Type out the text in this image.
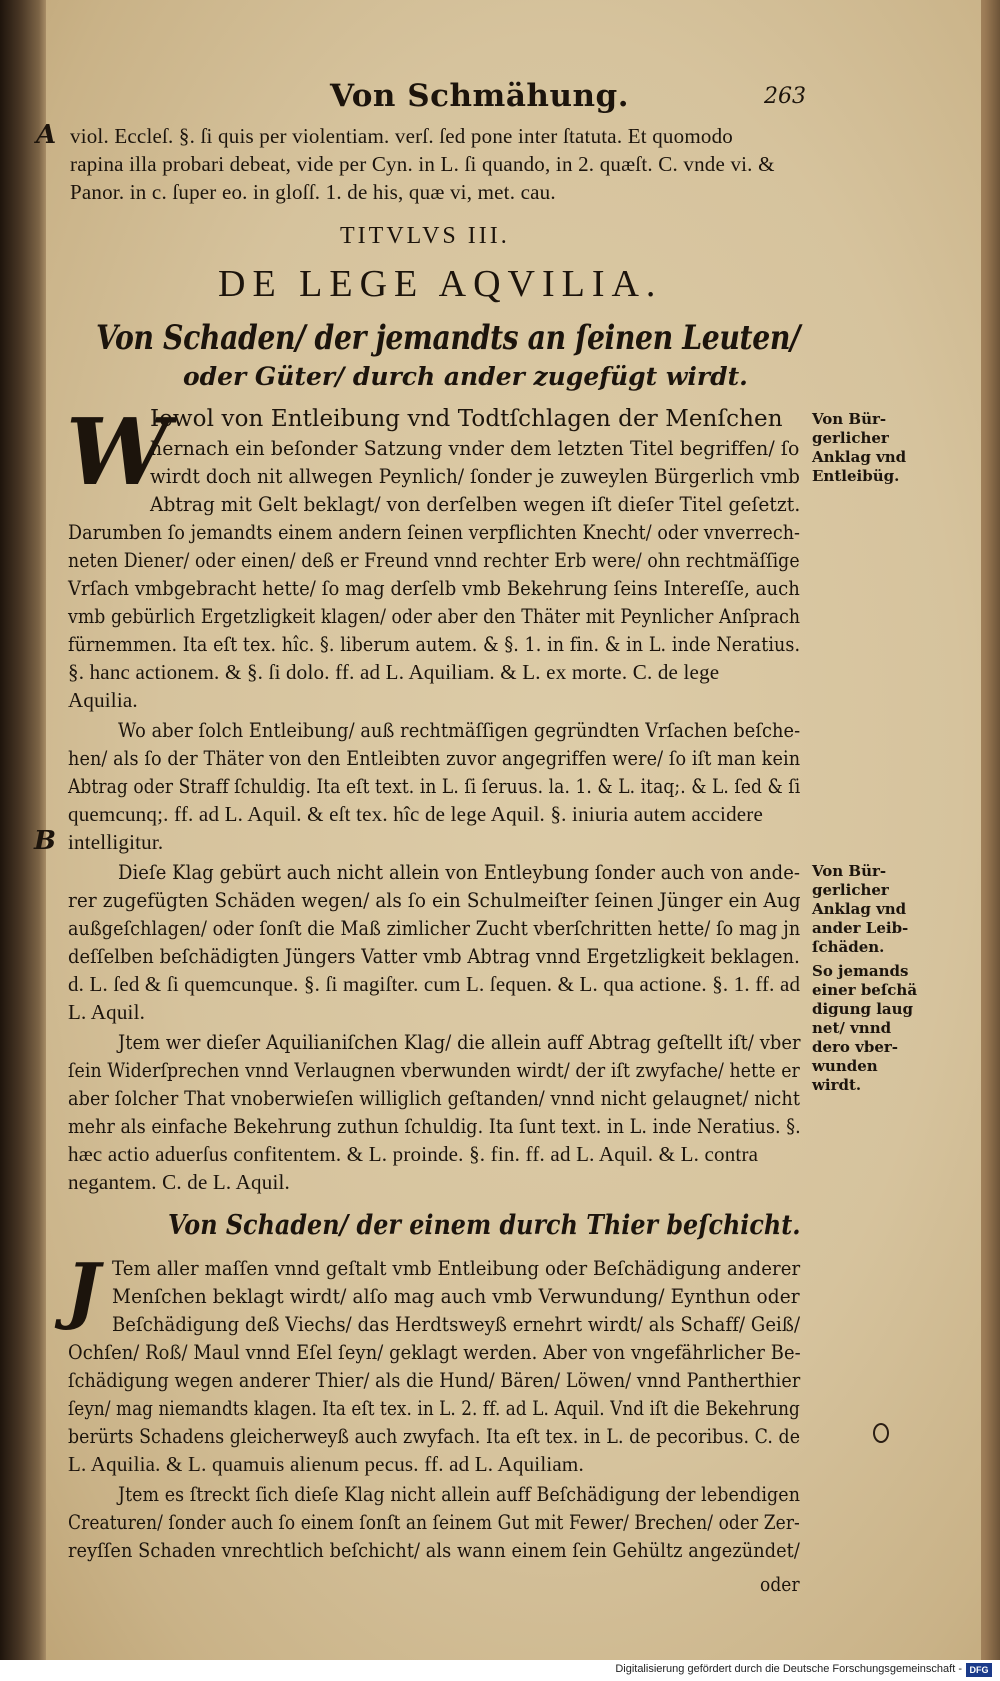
Von Schmähung.	263
A viol. Eccleſ. §. ſi quis per violentiam. verſ. ſed pone inter ſtatuta. Et quomodo
rapina illa probari debeat, vide per Cyn. in L. ſi quando, in 2. quæſt. C. vnde vi. &
Panor. in c. ſuper eo. in gloſſ. 1. de his, quæ vi, met. cau.
TITVLVS III.
DE LEGE AQVILIA.
Von Schaden/ der jemandts an ſeinen Leuten/
oder Güter/ durch ander zugefügt wirdt.
W
Iewol von Entleibung vnd Todtſchlagen der Menſchen
hernach ein beſonder Satzung vnder dem letzten Titel begriffen/ ſo
wirdt doch nit allwegen Peynlich/ ſonder je zuweylen Bürgerlich vmb
Abtrag mit Gelt beklagt/ von derſelben wegen iſt dieſer Titel geſetzt.
Darumben ſo jemandts einem andern ſeinen verpflichten Knecht/ oder vnverrech-
neten Diener/ oder einen/ deß er Freund vnnd rechter Erb were/ ohn rechtmäſſige
Vrſach vmbgebracht hette/ ſo mag derſelb vmb Bekehrung ſeins Intereſſe, auch
vmb gebürlich Ergetzligkeit klagen/ oder aber den Thäter mit Peynlicher Anſprach
fürnemmen. Ita eſt tex. hîc. §. liberum autem. & §. 1. in fin. & in L. inde Neratius.
§. hanc actionem. & §. ſi dolo. ff. ad L. Aquiliam. & L. ex morte. C. de lege
Aquilia.
Von Bür-
gerlicher
Anklag vnd
Entleibüg.
Wo aber ſolch Entleibung/ auß rechtmäſſigen gegründten Vrſachen beſche-
hen/ als ſo der Thäter von den Entleibten zuvor angegriffen were/ ſo iſt man kein
Abtrag oder Straff ſchuldig. Ita eſt text. in L. ſi ſeruus. la. 1. & L. itaq;. & L. ſed & ſi
quemcunq;. ff. ad L. Aquil. & eſt tex. hîc de lege Aquil. §. iniuria autem accidere
intelligitur.
B
Dieſe Klag gebürt auch nicht allein von Entleybung ſonder auch von ande-
rer zugefügten Schäden wegen/ als ſo ein Schulmeiſter ſeinen Jünger ein Aug
außgeſchlagen/ oder ſonſt die Maß zimlicher Zucht vberſchritten hette/ ſo mag jn
deſſelben beſchädigten Jüngers Vatter vmb Abtrag vnnd Ergetzligkeit beklagen.
d. L. ſed & ſi quemcunque. §. ſi magiſter. cum L. ſequen. & L. qua actione. §. 1. ff. ad
L. Aquil.
Von Bür-
gerlicher
Anklag vnd
ander Leib-
ſchäden.
Jtem wer dieſer Aquilianiſchen Klag/ die allein auff Abtrag geſtellt iſt/ vber
ſein Widerſprechen vnnd Verlaugnen vberwunden wirdt/ der iſt zwyfache/ hette er
aber ſolcher That vnoberwieſen williglich geſtanden/ vnnd nicht gelaugnet/ nicht
mehr als einfache Bekehrung zuthun ſchuldig. Ita ſunt text. in L. inde Neratius. §.
hæc actio aduerſus confitentem. & L. proinde. §. fin. ff. ad L. Aquil. & L. contra
negantem. C. de L. Aquil.
So jemands
einer beſchä
digung laug
net/ vnnd
dero vber-
wunden
wirdt.
Von Schaden/ der einem durch Thier beſchicht.
J Tem aller maſſen vnnd geſtalt vmb Entleibung oder Beſchädigung anderer
Menſchen beklagt wirdt/ alſo mag auch vmb Verwundung/ Eynthun oder
Beſchädigung deß Viechs/ das Herdtsweyß ernehrt wirdt/ als Schaff/ Geiß/
Ochſen/ Roß/ Maul vnnd Eſel ſeyn/ geklagt werden. Aber von vngefährlicher Be-
ſchädigung wegen anderer Thier/ als die Hund/ Bären/ Löwen/ vnnd Pantherthier
ſeyn/ mag niemandts klagen. Ita eſt tex. in L. 2. ff. ad L. Aquil. Vnd iſt die Bekehrung
berürts Schadens gleicherweyß auch zwyfach. Ita eſt tex. in L. de pecoribus. C. de
L. Aquilia. & L. quamuis alienum pecus. ff. ad L. Aquiliam.
Jtem es ſtreckt ſich dieſe Klag nicht allein auff Beſchädigung der lebendigen
Creaturen/ ſonder auch ſo einem ſonſt an ſeinem Gut mit Fewer/ Brechen/ oder Zer-
reyſſen Schaden vnrechtlich beſchicht/ als wann einem ſein Gehültz angezündet/
oder
Digitalisierung gefördert durch die Deutsche Forschungsgemeinschaft - DFG
